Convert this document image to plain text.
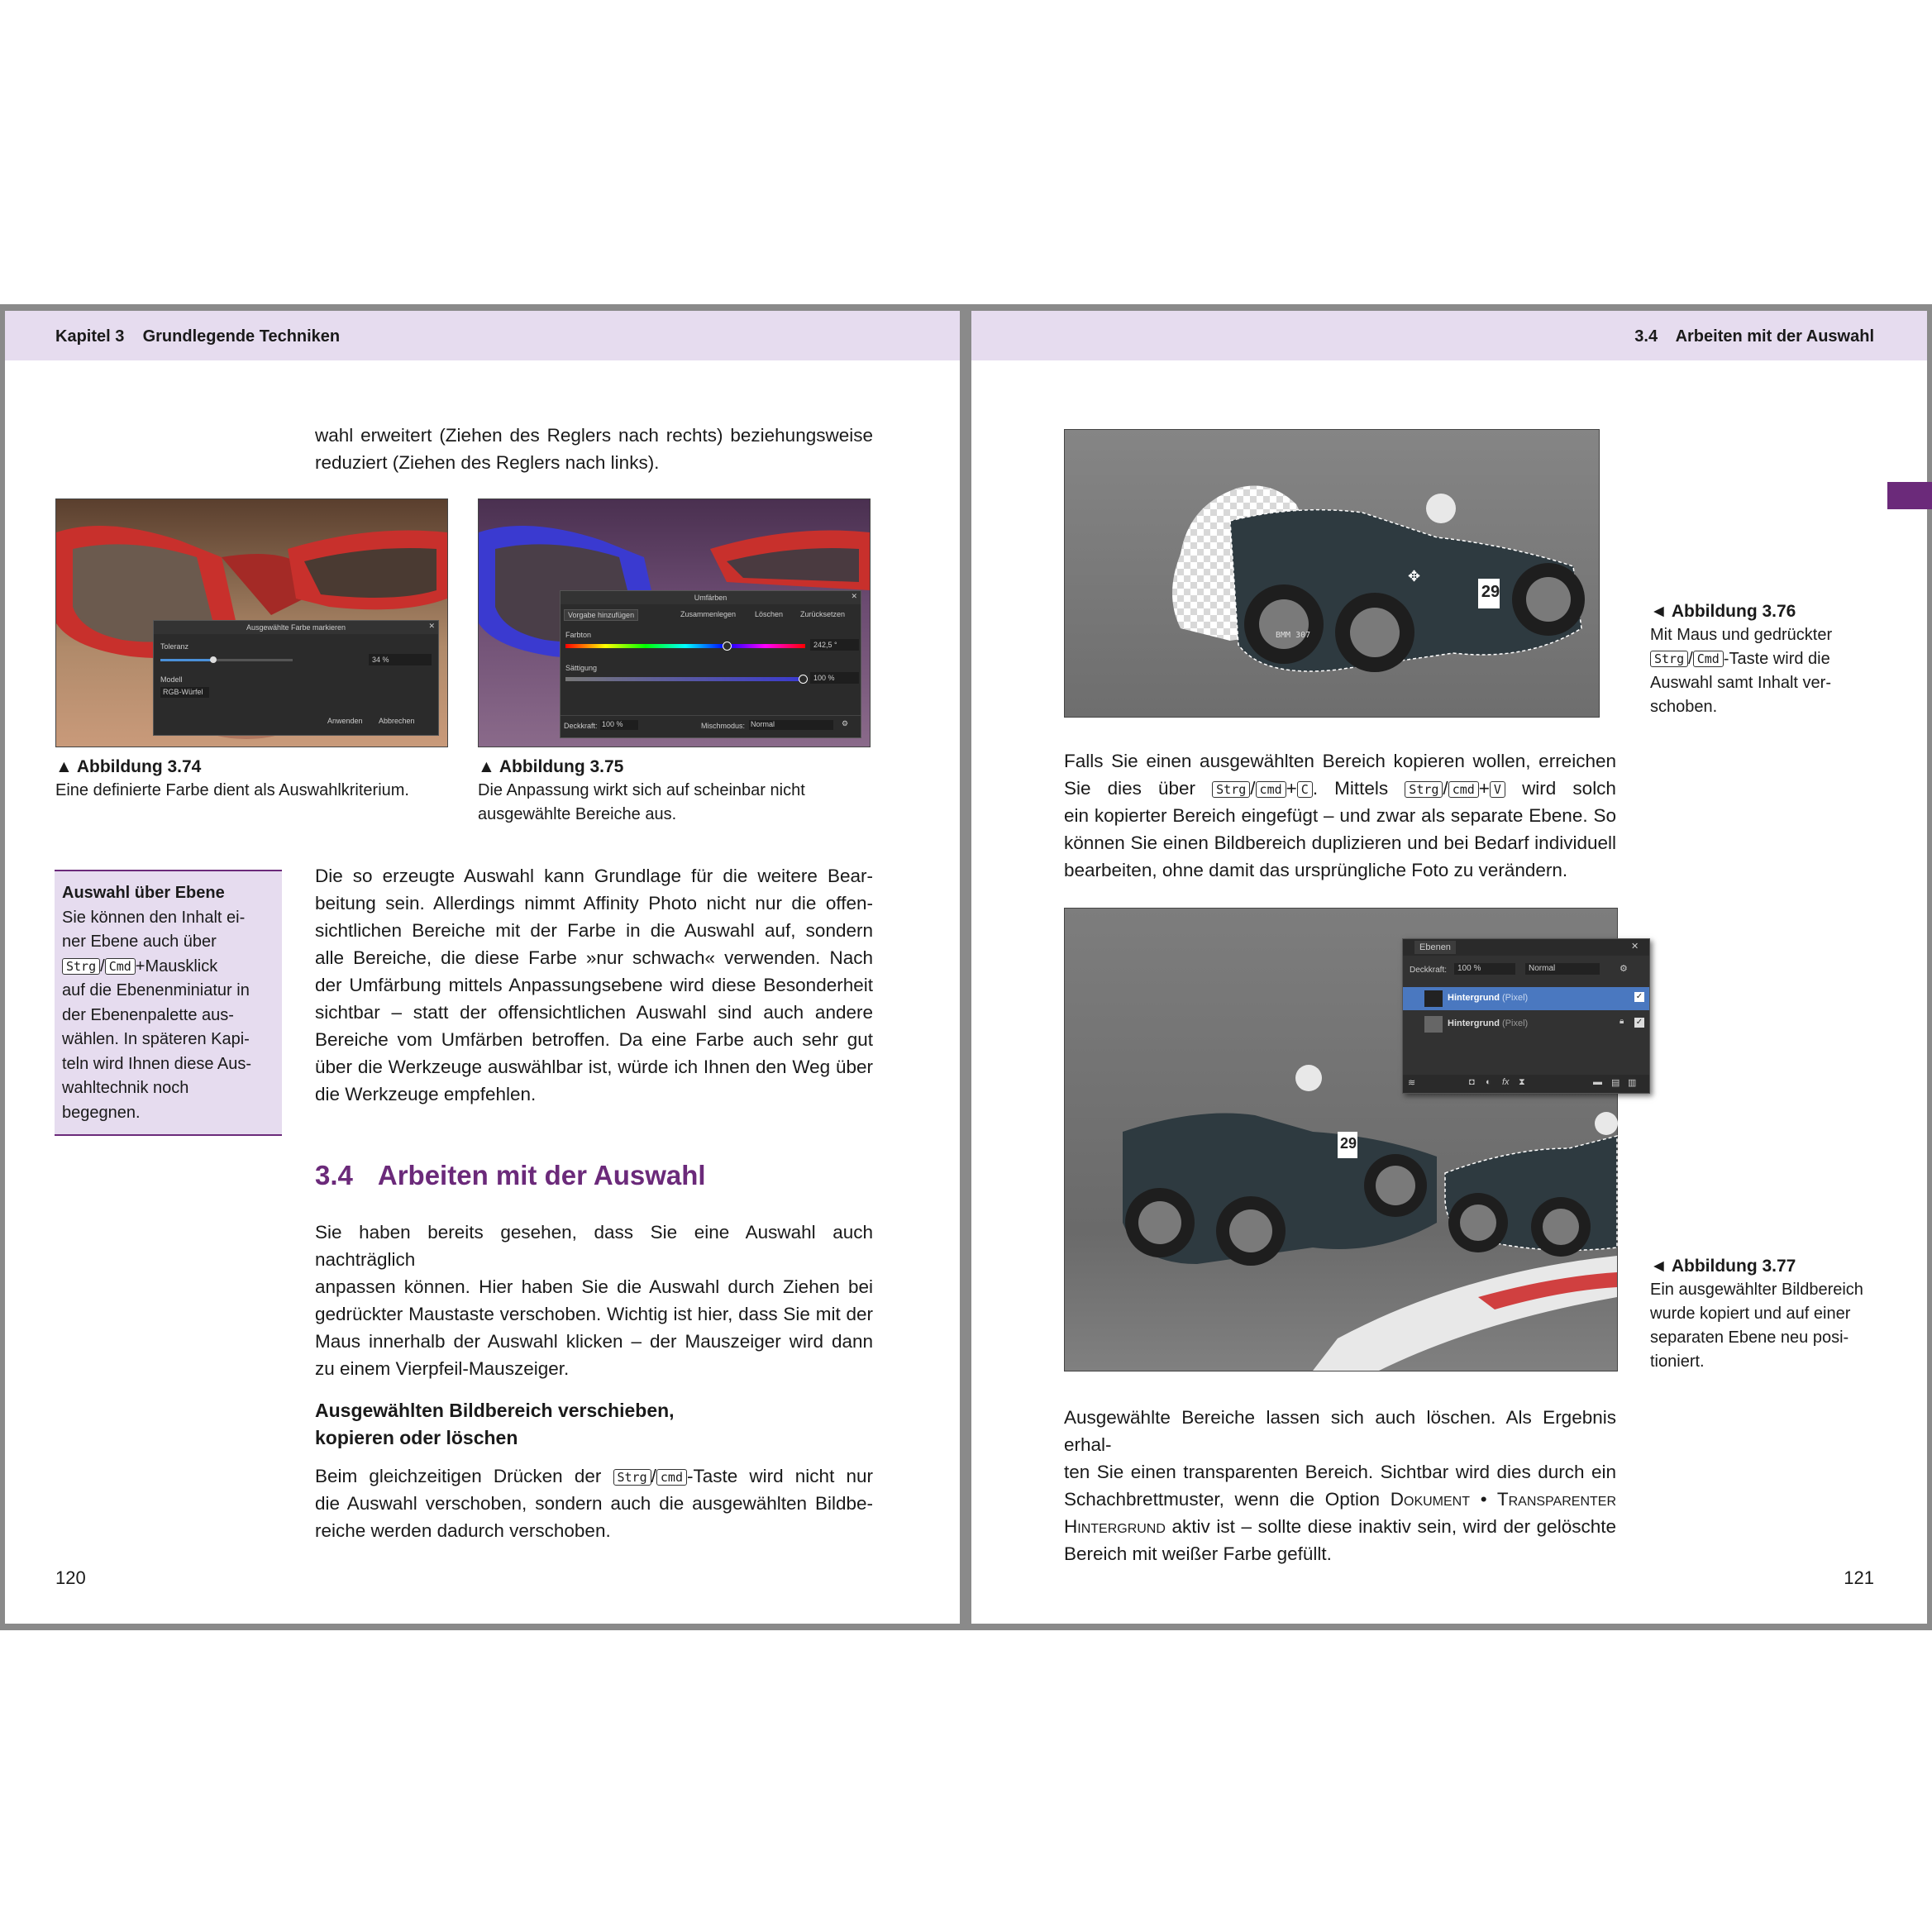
Kapitel 3    Grundlegende Techniken

wahl erweitert (Ziehen des Reglers nach rechts) beziehungsweise

reduziert (Ziehen des Reglers nach links).

Ausgewählte Farbe markieren	✕
Toleranz
34 %
Modell
RGB-Würfel
Anwenden Abbrechen
▲ Abbildung 3.74
Eine definierte Farbe dient als Auswahlkriterium.
Umfärben	✕
Vorgabe hinzufügen	Zusammenlegen	Löschen Zurücksetzen
Farbton
242,5 °
Sättigung
100 %
Deckkraft: 100 %	Mischmodus: Normal	⚙
▲ Abbildung 3.75
Die Anpassung wirkt sich auf scheinbar nicht
ausgewählte Bereiche aus.
Auswahl über Ebene
Sie können den Inhalt ei-
ner Ebene auch über
Strg / Cmd +Mausklick
auf die Ebenenminiatur in
der Ebenenpalette aus-
wählen. In späteren Kapi-
teln wird Ihnen diese Aus-
wahltechnik noch
begegnen.

Die so erzeugte Auswahl kann Grundlage für die weitere Bear-

beitung sein. Allerdings nimmt Affinity Photo nicht nur die offen-

sichtlichen Bereiche mit der Farbe in die Auswahl auf, sondern

alle Bereiche, die diese Farbe »nur schwach« verwenden. Nach

der Umfärbung mittels Anpassungsebene wird diese Besonderheit

sichtbar – statt der offensichtlichen Auswahl sind auch andere

Bereiche vom Umfärben betroffen. Da eine Farbe auch sehr gut

über die Werkzeuge auswählbar ist, würde ich Ihnen den Weg über

die Werkzeuge empfehlen.

3.4 Arbeiten mit der Auswahl

Sie haben bereits gesehen, dass Sie eine Auswahl auch nachträglich

anpassen können. Hier haben Sie die Auswahl durch Ziehen bei

gedrückter Maustaste verschoben. Wichtig ist hier, dass Sie mit der

Maus innerhalb der Auswahl klicken – der Mauszeiger wird dann

zu einem Vierpfeil-Mauszeiger.

Ausgewählten Bildbereich verschieben,
kopieren oder löschen

Beim gleichzeitigen Drücken der Strg / cmd -Taste wird nicht nur

die Auswahl verschoben, sondern auch die ausgewählten Bildbe-

reiche werden dadurch verschoben.

120
3.4    Arbeiten mit der Auswahl
29
BMM 307
✥
◄ Abbildung 3.76
Mit Maus und gedrückter
Strg / Cmd -Taste wird die
Auswahl samt Inhalt ver-
schoben.

Falls Sie einen ausgewählten Bereich kopieren wollen, erreichen

Sie dies über Strg / cmd + C . Mittels Strg / cmd + V wird solch

ein kopierter Bereich eingefügt – und zwar als separate Ebene. So

können Sie einen Bildbereich duplizieren und bei Bedarf individuell

bearbeiten, ohne damit das ursprüngliche Foto zu verändern.

29
Ebenen	✕
Deckkraft:	100 %	Normal	⚙
Hintergrund (Pixel)	✓
Hintergrund (Pixel)	🔒︎ ✓
≋	◘ ◐ fx ⧗	▬ ▤ ▥
◄ Abbildung 3.77
Ein ausgewählter Bildbereich
wurde kopiert und auf einer
separaten Ebene neu posi-
tioniert.

Ausgewählte Bereiche lassen sich auch löschen. Als Ergebnis erhal-

ten Sie einen transparenten Bereich. Sichtbar wird dies durch ein

Schachbrettmuster, wenn die Option Dokument • Transparenter

Hintergrund aktiv ist – sollte diese inaktiv sein, wird der gelöschte

Bereich mit weißer Farbe gefüllt.

121
